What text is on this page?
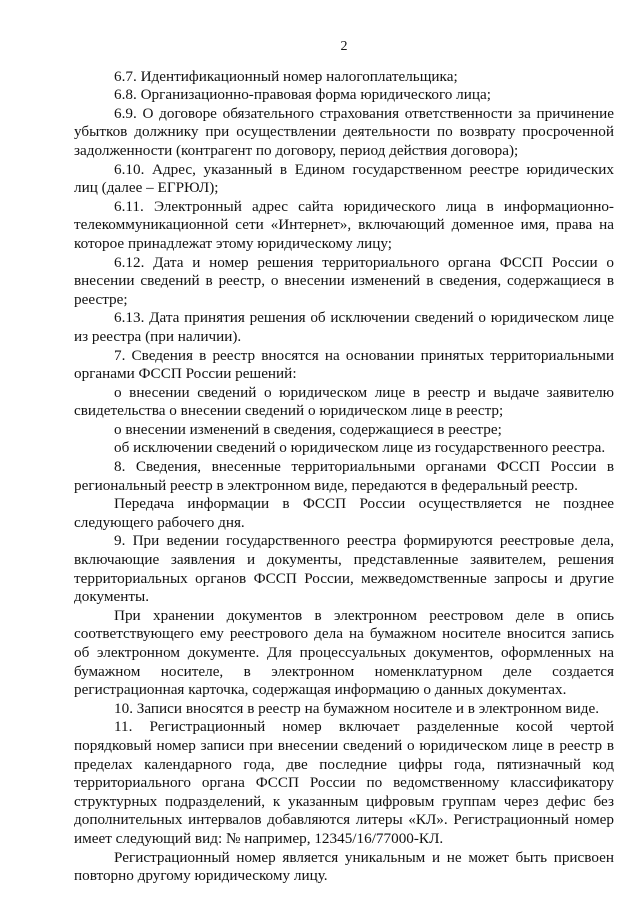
2

6.7. Идентификационный номер налогоплательщика;

6.8. Организационно-правовая форма юридического лица;

6.9. О договоре обязательного страхования ответственности за причинение убытков должнику при осуществлении деятельности по возврату просроченной задолженности (контрагент по договору, период действия договора);

6.10. Адрес, указанный в Едином государственном реестре юридических лиц (далее – ЕГРЮЛ);

6.11. Электронный адрес сайта юридического лица в информационно-телекоммуникационной сети «Интернет», включающий доменное имя, права на которое принадлежат этому юридическому лицу;

6.12. Дата и номер решения территориального органа ФССП России о внесении сведений в реестр, о внесении изменений в сведения, содержащиеся в реестре;

6.13. Дата принятия решения об исключении сведений о юридическом лице из реестра (при наличии).

7. Сведения в реестр вносятся на основании принятых территориальными органами ФССП России решений:

о внесении сведений о юридическом лице в реестр и выдаче заявителю свидетельства о внесении сведений о юридическом лице в реестр;

о внесении изменений в сведения, содержащиеся в реестре;

об исключении сведений о юридическом лице из государственного реестра.

8. Сведения, внесенные территориальными органами ФССП России в региональный реестр в электронном виде, передаются в федеральный реестр.

Передача информации в ФССП России осуществляется не позднее следующего рабочего дня.

9. При ведении государственного реестра формируются реестровые дела, включающие заявления и документы, представленные заявителем, решения территориальных органов ФССП России, межведомственные запросы и другие документы.

При хранении документов в электронном реестровом деле в опись соответствующего ему реестрового дела на бумажном носителе вносится запись об электронном документе. Для процессуальных документов, оформленных на бумажном носителе, в электронном номенклатурном деле создается регистрационная карточка, содержащая информацию о данных документах.

10. Записи вносятся в реестр на бумажном носителе и в электронном виде.

11. Регистрационный номер включает разделенные косой чертой порядковый номер записи при внесении сведений о юридическом лице в реестр в пределах календарного года, две последние цифры года, пятизначный код территориального органа ФССП России по ведомственному классификатору структурных подразделений, к указанным цифровым группам через дефис без дополнительных интервалов добавляются литеры «КЛ». Регистрационный номер имеет следующий вид: № например, 12345/16/77000-КЛ.

Регистрационный номер является уникальным и не может быть присвоен повторно другому юридическому лицу.
